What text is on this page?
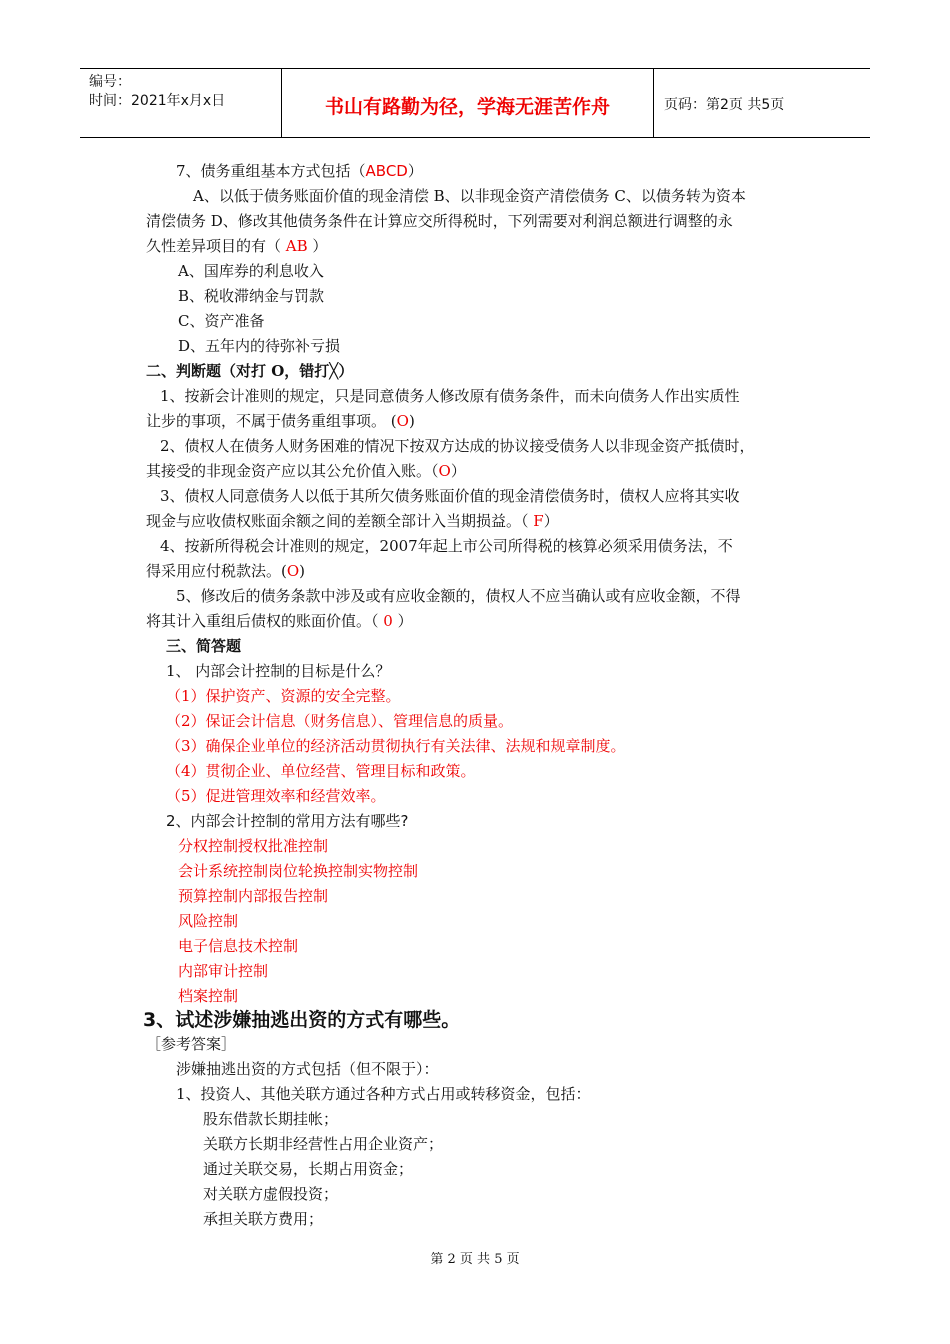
编号：
时间：2021年x月x日	书山有路勤为径，学海无涯苦作舟	页码：第2页 共5页
7、债务重组基本方式包括（ABCD）
A、以低于债务账面价值的现金清偿 B、以非现金资产清偿债务 C、以债务转为资本
清偿债务 D、修改其他债务条件在计算应交所得税时，下列需要对利润总额进行调整的永
久性差异项目的有（ AB ）
A、国库券的利息收入
B、税收滞纳金与罚款
C、资产准备
D、五年内的待弥补亏损
二、判断题（对打 O，错打╳）
1、按新会计准则的规定，只是同意债务人修改原有债务条件，而未向债务人作出实质性
让步的事项，不属于债务重组事项。 (O)
2、债权人在债务人财务困难的情况下按双方达成的协议接受债务人以非现金资产抵债时，
其接受的非现金资产应以其公允价值入账。（O）
3、债权人同意债务人以低于其所欠债务账面价值的现金清偿债务时，债权人应将其实收
现金与应收债权账面余额之间的差额全部计入当期损益。（ F）
4、按新所得税会计准则的规定，2007年起上市公司所得税的核算必须采用债务法，不
得采用应付税款法。(O)
5、修改后的债务条款中涉及或有应收金额的，债权人不应当确认或有应收金额，不得
将其计入重组后债权的账面价值。（ 0 ）
三、简答题
1、 内部会计控制的目标是什么？
（1）保护资产、资源的安全完整。
（2）保证会计信息（财务信息）、管理信息的质量。
（3）确保企业单位的经济活动贯彻执行有关法律、法规和规章制度。
（4）贯彻企业、单位经营、管理目标和政策。
（5）促进管理效率和经营效率。
2、内部会计控制的常用方法有哪些?
分权控制授权批准控制
会计系统控制岗位轮换控制实物控制
预算控制内部报告控制
风险控制
电子信息技术控制
内部审计控制
档案控制
3、试述涉嫌抽逃出资的方式有哪些。
［参考答案］
涉嫌抽逃出资的方式包括（但不限于）：
1、投资人、其他关联方通过各种方式占用或转移资金，包括：
股东借款长期挂帐；
关联方长期非经营性占用企业资产；
通过关联交易，长期占用资金；
对关联方虚假投资；
承担关联方费用；
第 2 页 共 5 页
